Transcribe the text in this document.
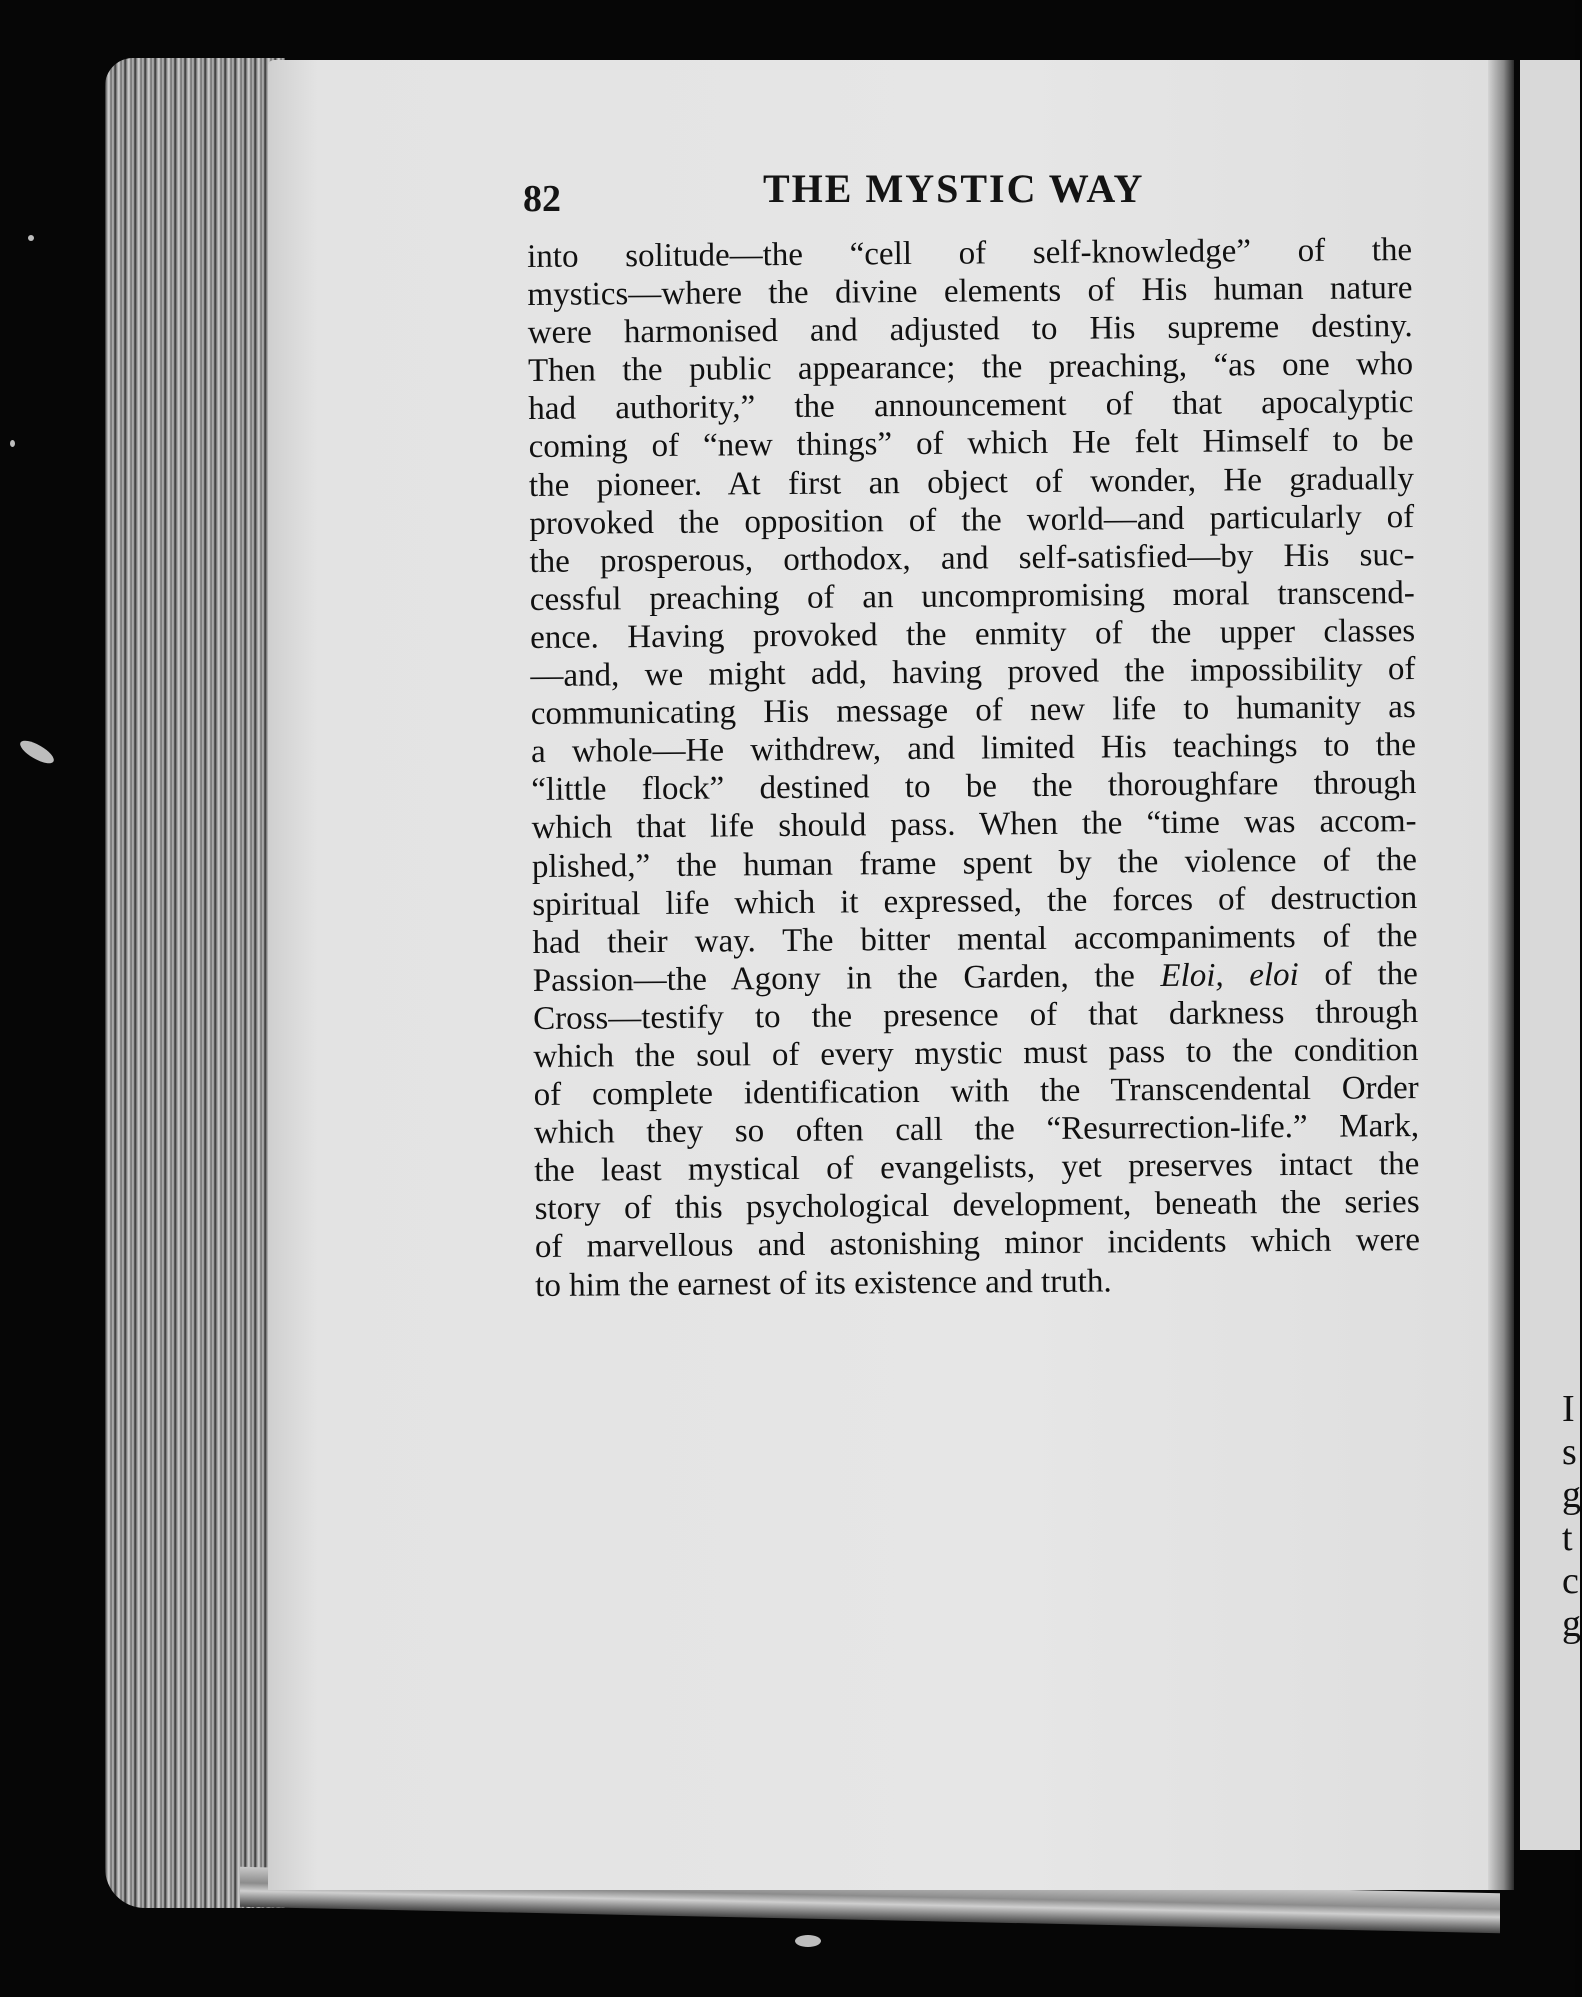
I
s
g
t
c
g
82	THE MYSTIC WAY
into solitude—the “cell of self-knowledge” of the
mystics—where the divine elements of His human nature
were harmonised and adjusted to His supreme destiny.
Then the public appearance; the preaching, “as one who
had authority,” the announcement of that apocalyptic
coming of “new things” of which He felt Himself to be
the pioneer. At first an object of wonder, He gradually
provoked the opposition of the world—and particularly of
the prosperous, orthodox, and self-satisfied—by His suc-
cessful preaching of an uncompromising moral transcend-
ence. Having provoked the enmity of the upper classes
—and, we might add, having proved the impossibility of
communicating His message of new life to humanity as
a whole—He withdrew, and limited His teachings to the
“little flock” destined to be the thoroughfare through
which that life should pass. When the “time was accom-
plished,” the human frame spent by the violence of the
spiritual life which it expressed, the forces of destruction
had their way. The bitter mental accompaniments of the
Passion—the Agony in the Garden, the Eloi, eloi of the
Cross—testify to the presence of that darkness through
which the soul of every mystic must pass to the condition
of complete identification with the Transcendental Order
which they so often call the “Resurrection-life.” Mark,
the least mystical of evangelists, yet preserves intact the
story of this psychological development, beneath the series
of marvellous and astonishing minor incidents which were
to him the earnest of its existence and truth.
